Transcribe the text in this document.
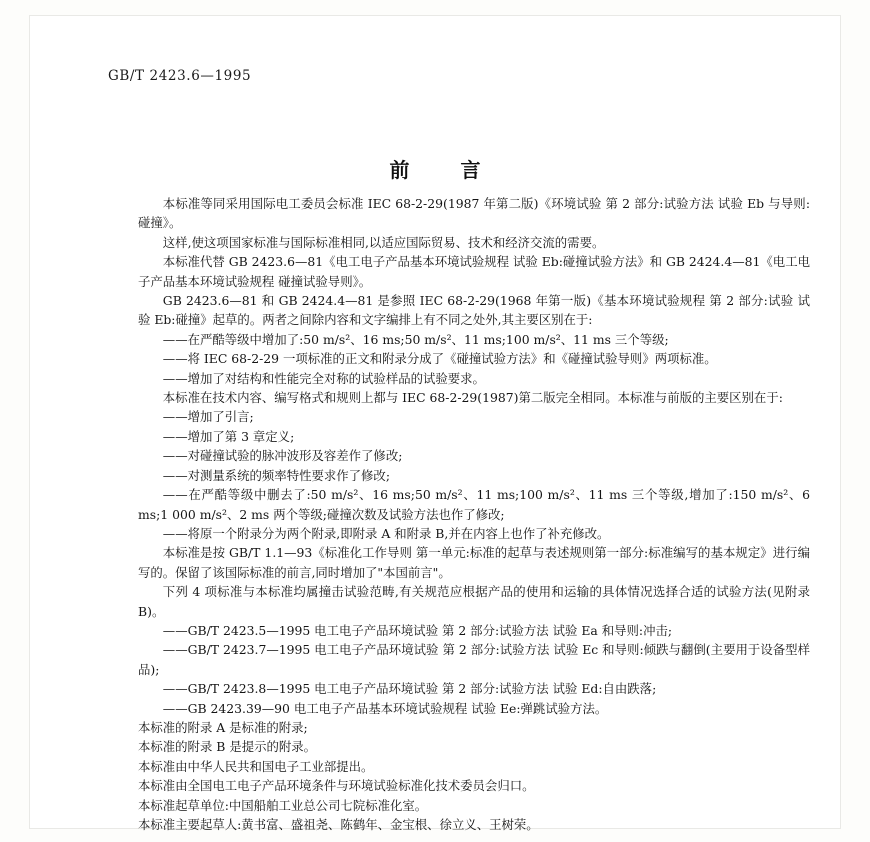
GB/T 2423.6—1995
前 言

本标准等同采用国际电工委员会标准 IEC 68-2-29(1987 年第二版)《环境试验 第 2 部分:试验方法 试验 Eb 与导则:碰撞》。

这样,使这项国家标准与国际标准相同,以适应国际贸易、技术和经济交流的需要。

本标准代替 GB 2423.6—81《电工电子产品基本环境试验规程 试验 Eb:碰撞试验方法》和 GB 2424.4—81《电工电子产品基本环境试验规程 碰撞试验导则》。

GB 2423.6—81 和 GB 2424.4—81 是参照 IEC 68-2-29(1968 年第一版)《基本环境试验规程 第 2 部分:试验 试验 Eb:碰撞》起草的。两者之间除内容和文字编排上有不同之处外,其主要区别在于:

——在严酷等级中增加了:50 m/s²、16 ms;50 m/s²、11 ms;100 m/s²、11 ms 三个等级;

——将 IEC 68-2-29 一项标准的正文和附录分成了《碰撞试验方法》和《碰撞试验导则》两项标准。

——增加了对结构和性能完全对称的试验样品的试验要求。

本标准在技术内容、编写格式和规则上都与 IEC 68-2-29(1987)第二版完全相同。本标准与前版的主要区别在于:

——增加了引言;

——增加了第 3 章定义;

——对碰撞试验的脉冲波形及容差作了修改;

——对测量系统的频率特性要求作了修改;

——在严酷等级中删去了:50 m/s²、16 ms;50 m/s²、11 ms;100 m/s²、11 ms 三个等级,增加了:150 m/s²、6 ms;1 000 m/s²、2 ms 两个等级;碰撞次数及试验方法也作了修改;

——将原一个附录分为两个附录,即附录 A 和附录 B,并在内容上也作了补充修改。

本标准是按 GB/T 1.1—93《标准化工作导则 第一单元:标准的起草与表述规则第一部分:标准编写的基本规定》进行编写的。保留了该国际标准的前言,同时增加了"本国前言"。

下列 4 项标准与本标准均属撞击试验范畴,有关规范应根据产品的使用和运输的具体情况选择合适的试验方法(见附录 B)。

——GB/T 2423.5—1995 电工电子产品环境试验 第 2 部分:试验方法 试验 Ea 和导则:冲击;

——GB/T 2423.7—1995 电工电子产品环境试验 第 2 部分:试验方法 试验 Ec 和导则:倾跌与翻倒(主要用于设备型样品);

——GB/T 2423.8—1995 电工电子产品环境试验 第 2 部分:试验方法 试验 Ed:自由跌落;

——GB 2423.39—90 电工电子产品基本环境试验规程 试验 Ee:弹跳试验方法。

本标准的附录 A 是标准的附录;

本标准的附录 B 是提示的附录。

本标准由中华人民共和国电子工业部提出。

本标准由全国电工电子产品环境条件与环境试验标准化技术委员会归口。

本标准起草单位:中国船舶工业总公司七院标准化室。

本标准主要起草人:黄书富、盛祖尧、陈鹤年、金宝根、徐立义、王树荣。
